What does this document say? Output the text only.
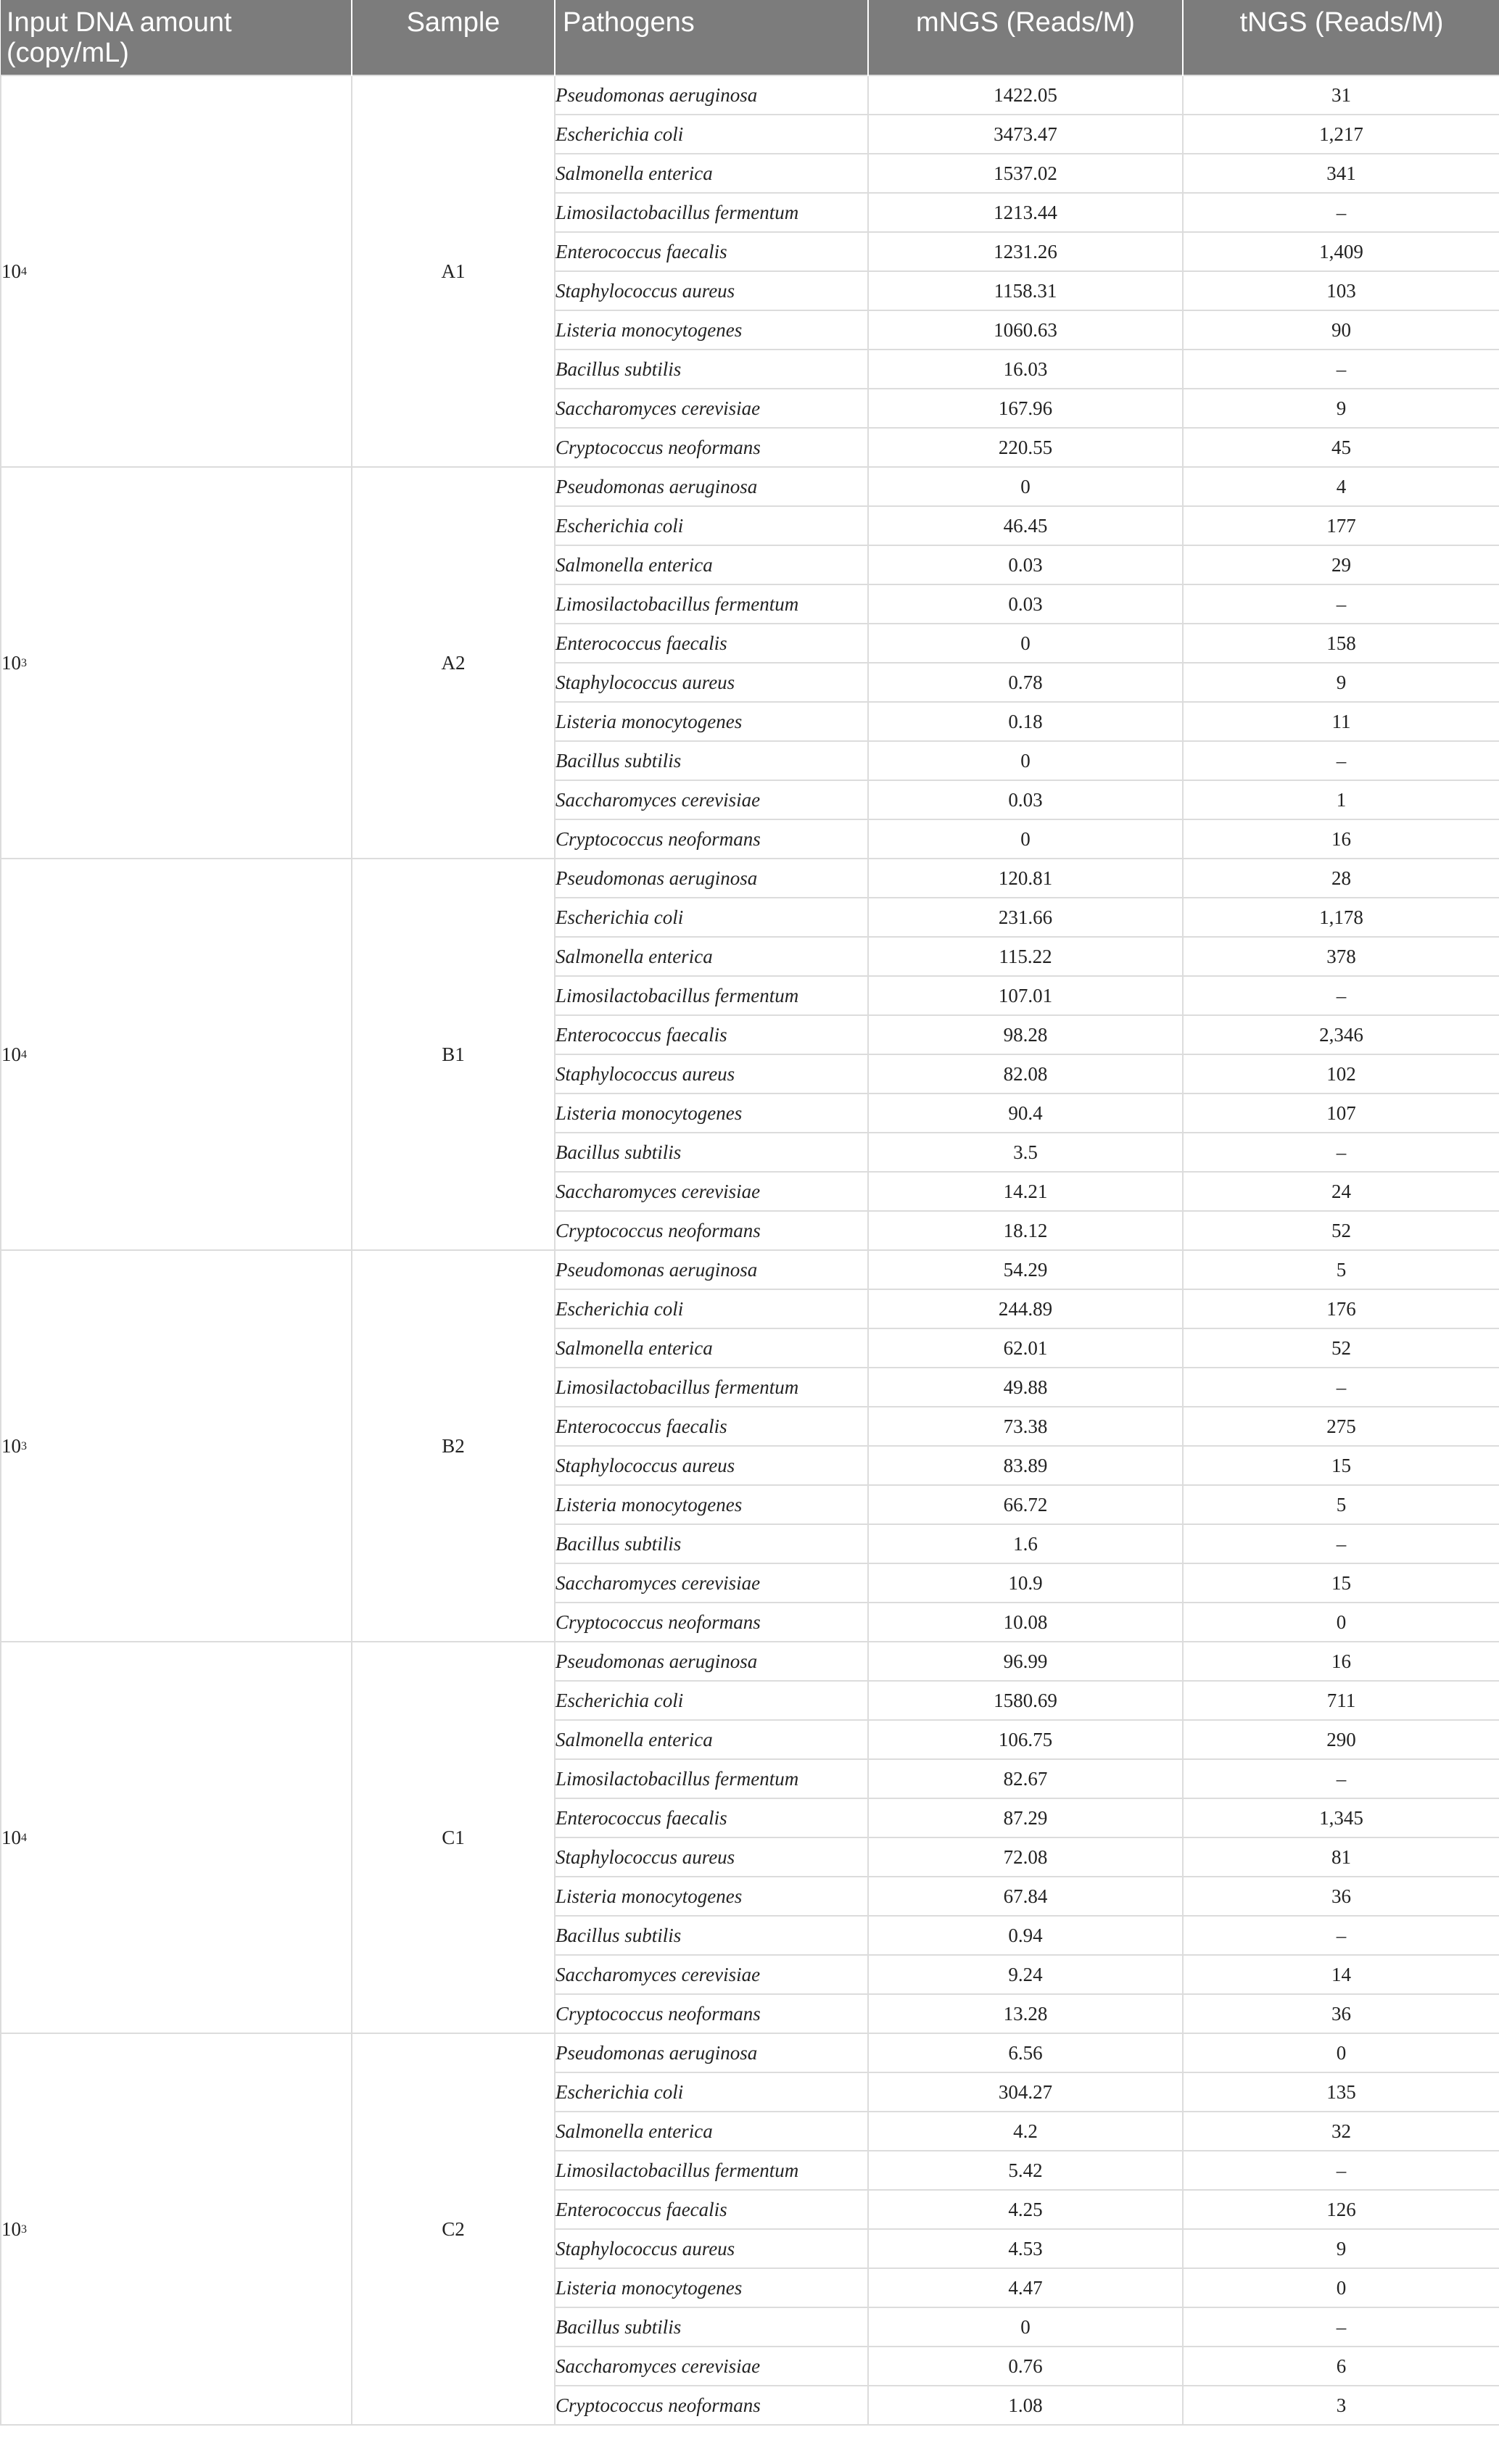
Input DNA amount (copy/mL)	Sample	Pathogens	mNGS (Reads/M)	tNGS (Reads/M)
$10^4$	A1	Pseudomonas aeruginosa	1422.05	31
		Escherichia coli	3473.47	1,217
		Salmonella enterica	1537.02	341
		Limosilactobacillus fermentum	1213.44	–
		Enterococcus faecalis	1231.26	1,409
		Staphylococcus aureus	1158.31	103
		Listeria monocytogenes	1060.63	90
		Bacillus subtilis	16.03	–
		Saccharomyces cerevisiae	167.96	9
		Cryptococcus neoformans	220.55	45
$10^3$	A2	Pseudomonas aeruginosa	0	4
		Escherichia coli	46.45	177
		Salmonella enterica	0.03	29
		Limosilactobacillus fermentum	0.03	–
		Enterococcus faecalis	0	158
		Staphylococcus aureus	0.78	9
		Listeria monocytogenes	0.18	11
		Bacillus subtilis	0	–
		Saccharomyces cerevisiae	0.03	1
		Cryptococcus neoformans	0	16
$10^4$	B1	Pseudomonas aeruginosa	120.81	28
		Escherichia coli	231.66	1,178
		Salmonella enterica	115.22	378
		Limosilactobacillus fermentum	107.01	–
		Enterococcus faecalis	98.28	2,346
		Staphylococcus aureus	82.08	102
		Listeria monocytogenes	90.4	107
		Bacillus subtilis	3.5	–
		Saccharomyces cerevisiae	14.21	24
		Cryptococcus neoformans	18.12	52
$10^3$	B2	Pseudomonas aeruginosa	54.29	5
		Escherichia coli	244.89	176
		Salmonella enterica	62.01	52
		Limosilactobacillus fermentum	49.88	–
		Enterococcus faecalis	73.38	275
		Staphylococcus aureus	83.89	15
		Listeria monocytogenes	66.72	5
		Bacillus subtilis	1.6	–
		Saccharomyces cerevisiae	10.9	15
		Cryptococcus neoformans	10.08	0
$10^4$	C1	Pseudomonas aeruginosa	96.99	16
		Escherichia coli	1580.69	711
		Salmonella enterica	106.75	290
		Limosilactobacillus fermentum	82.67	–
		Enterococcus faecalis	87.29	1,345
		Staphylococcus aureus	72.08	81
		Listeria monocytogenes	67.84	36
		Bacillus subtilis	0.94	–
		Saccharomyces cerevisiae	9.24	14
		Cryptococcus neoformans	13.28	36
$10^3$	C2	Pseudomonas aeruginosa	6.56	0
		Escherichia coli	304.27	135
		Salmonella enterica	4.2	32
		Limosilactobacillus fermentum	5.42	–
		Enterococcus faecalis	4.25	126
		Staphylococcus aureus	4.53	9
		Listeria monocytogenes	4.47	0
		Bacillus subtilis	0	–
		Saccharomyces cerevisiae	0.76	6
		Cryptococcus neoformans	1.08	3
